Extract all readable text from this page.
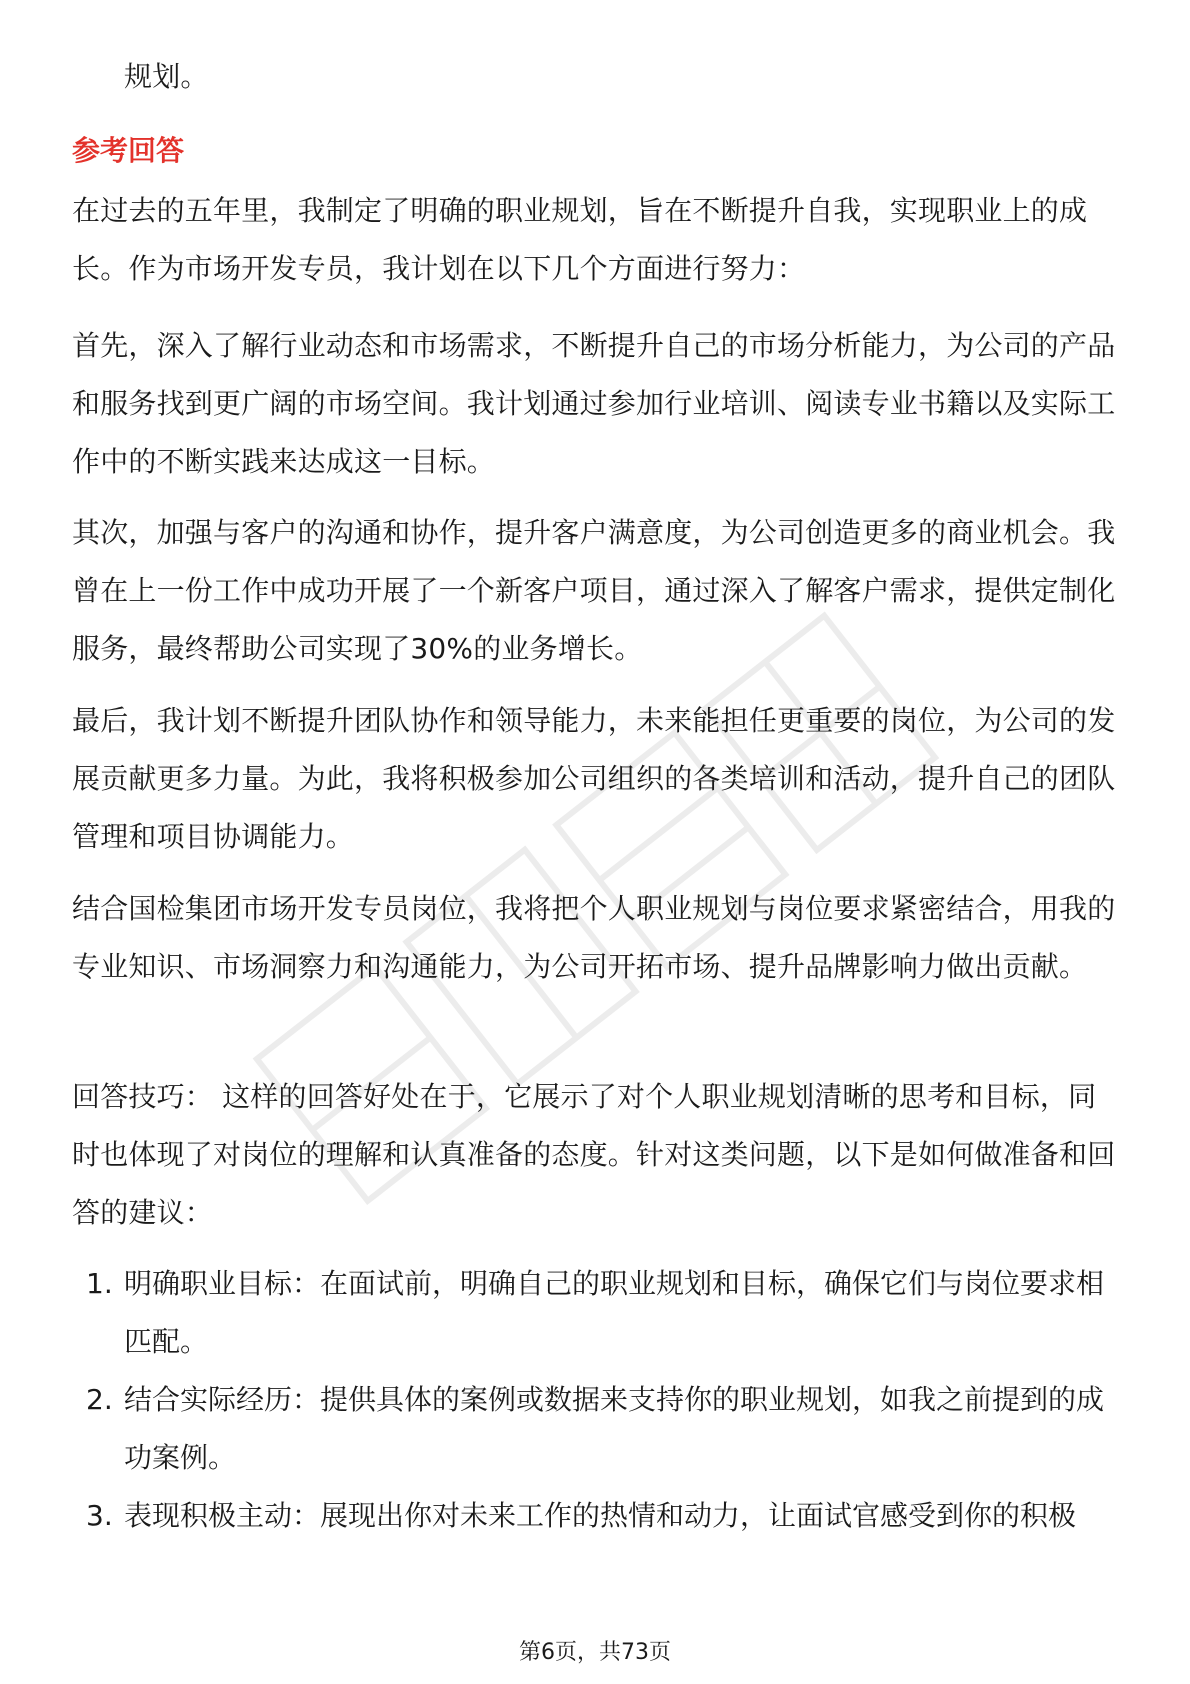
规划。

参考回答

在过去的五年里，我制定了明确的职业规划，旨在不断提升自我，实现职业上的成长。作为市场开发专员，我计划在以下几个方面进行努力：

首先，深入了解行业动态和市场需求，不断提升自己的市场分析能力，为公司的产品和服务找到更广阔的市场空间。我计划通过参加行业培训、阅读专业书籍以及实际工作中的不断实践来达成这一目标。

其次，加强与客户的沟通和协作，提升客户满意度，为公司创造更多的商业机会。我曾在上一份工作中成功开展了一个新客户项目，通过深入了解客户需求，提供定制化服务，最终帮助公司实现了30%的业务增长。

最后，我计划不断提升团队协作和领导能力，未来能担任更重要的岗位，为公司的发展贡献更多力量。为此，我将积极参加公司组织的各类培训和活动，提升自己的团队管理和项目协调能力。

结合国检集团市场开发专员岗位，我将把个人职业规划与岗位要求紧密结合，用我的专业知识、市场洞察力和沟通能力，为公司开拓市场、提升品牌影响力做出贡献。

回答技巧： 这样的回答好处在于，它展示了对个人职业规划清晰的思考和目标，同时也体现了对岗位的理解和认真准备的态度。针对这类问题，以下是如何做准备和回答的建议：

1. 明确职业目标：在面试前，明确自己的职业规划和目标，确保它们与岗位要求相匹配。
2. 结合实际经历：提供具体的案例或数据来支持你的职业规划，如我之前提到的成功案例。
3. 表现积极主动：展现出你对未来工作的热情和动力，让面试官感受到你的积极
第6页，共73页
